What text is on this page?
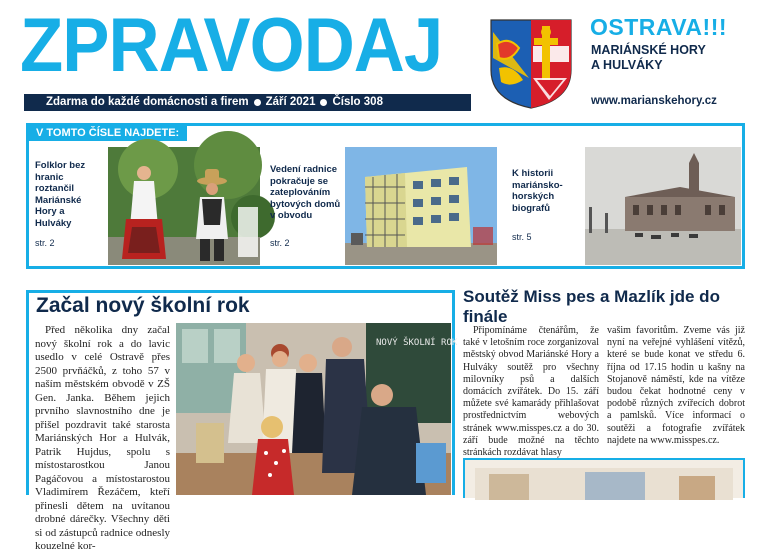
ZPRAVODAJ
Zdarma do každé domácnosti a firem Září 2021 Číslo 308
OSTRAVA!!!
MARIÁNSKÉ HORY
A HULVÁKY
www.marianskehory.cz
V TOMTO ČÍSLE NAJDETE:
Folklor bez hranic roztančil Mariánské Hory a Hulváky
str. 2
Vedení radnice pokračuje se zateplováním bytových domů v obvodu
str. 2
K historii mariánsko-horských biografů
str. 5
Začal nový školní rok
Před několika dny začal nový školní rok a do lavic usedlo v celé Ostravě přes 2500 prvňáčků, z toho 57 v naším městském obvodě v ZŠ Gen. Janka. Během jejich prvního slavnostního dne je přišel pozdravit také starosta Mariánských Hor a Hulvák, Patrik Hujdus, spolu s místostarostkou Janou Pagáčovou a místostarostou Vladimírem Řezáčem, kteří přinesli dětem na uvítanou drobné dárečky. Všechny děti si od zástupců radnice odnesly kouzelné kor-
NOVÝ ŠKOLNÍ ROK
Soutěž Miss pes a Mazlík jde do finále
Připomínáme čtenářům, že také v letošním roce zorganizoval městský obvod Mariánské Hory a Hulváky soutěž pro všechny milovníky psů a dalších domácích zvířátek. Do 15. září můžete své kamarády přihlašovat prostřednictvím webových stránek www.misspes.cz a do 30. září bude možné na těchto stránkách rozdávat hlasy
vašim favoritům. Zveme vás již nyní na veřejné vyhlášení vítězů, které se bude konat ve středu 6. října od 17.15 hodin u kašny na Stojanově náměstí, kde na vítěze budou čekat hodnotné ceny v podobě různých zvířecích dobrot a pamlsků. Více informací o soutěži a fotografie zvířátek najdete na www.misspes.cz.
